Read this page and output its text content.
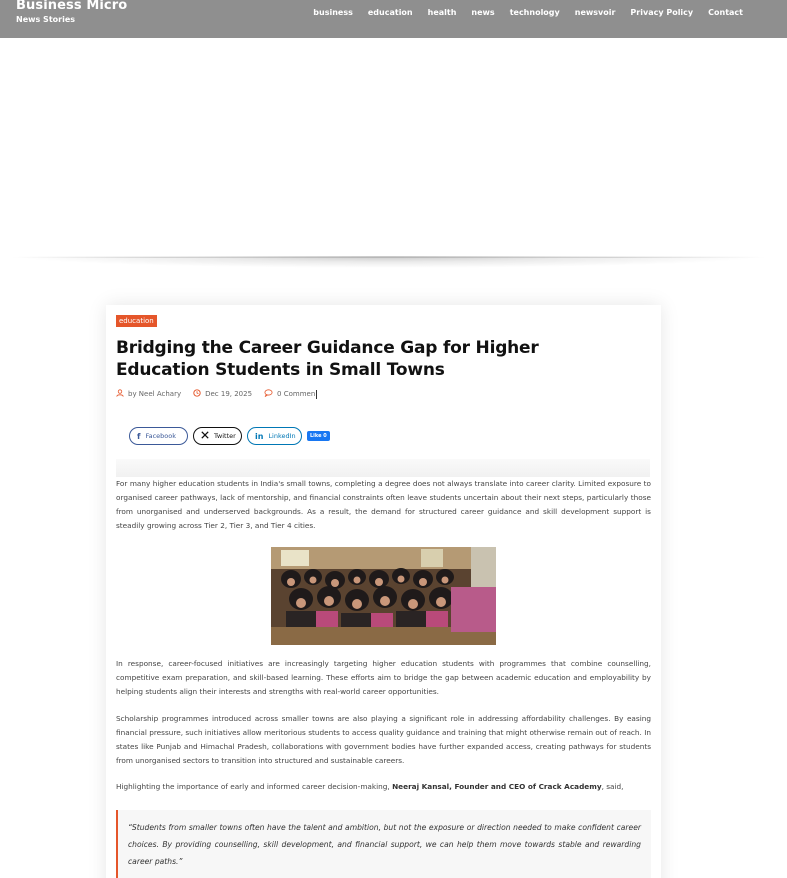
Business Micro
News Stories
business education health news technology newsvoir Privacy Policy Contact
education
Bridging the Career Guidance Gap for Higher Education Students in Small Towns
by Neel Achary	Dec 19, 2025	0 Commen
f Facebook	Twitter in LinkedIn	Like 0

For many higher education students in India's small towns, completing a degree does not always translate into career clarity. Limited exposure to organised career pathways, lack of mentorship, and financial constraints often leave students uncertain about their next steps, particularly those from unorganised and underserved backgrounds. As a result, the demand for structured career guidance and skill development support is steadily growing across Tier 2, Tier 3, and Tier 4 cities.

In response, career-focused initiatives are increasingly targeting higher education students with programmes that combine counselling, competitive exam preparation, and skill-based learning. These efforts aim to bridge the gap between academic education and employability by helping students align their interests and strengths with real-world career opportunities.

Scholarship programmes introduced across smaller towns are also playing a significant role in addressing affordability challenges. By easing financial pressure, such initiatives allow meritorious students to access quality guidance and training that might otherwise remain out of reach. In states like Punjab and Himachal Pradesh, collaborations with government bodies have further expanded access, creating pathways for students from unorganised sectors to transition into structured and sustainable careers.

Highlighting the importance of early and informed career decision-making, Neeraj Kansal, Founder and CEO of Crack Academy, said,

“Students from smaller towns often have the talent and ambition, but not the exposure or direction needed to make confident career choices. By providing counselling, skill development, and financial support, we can help them move towards stable and rewarding career paths.”
